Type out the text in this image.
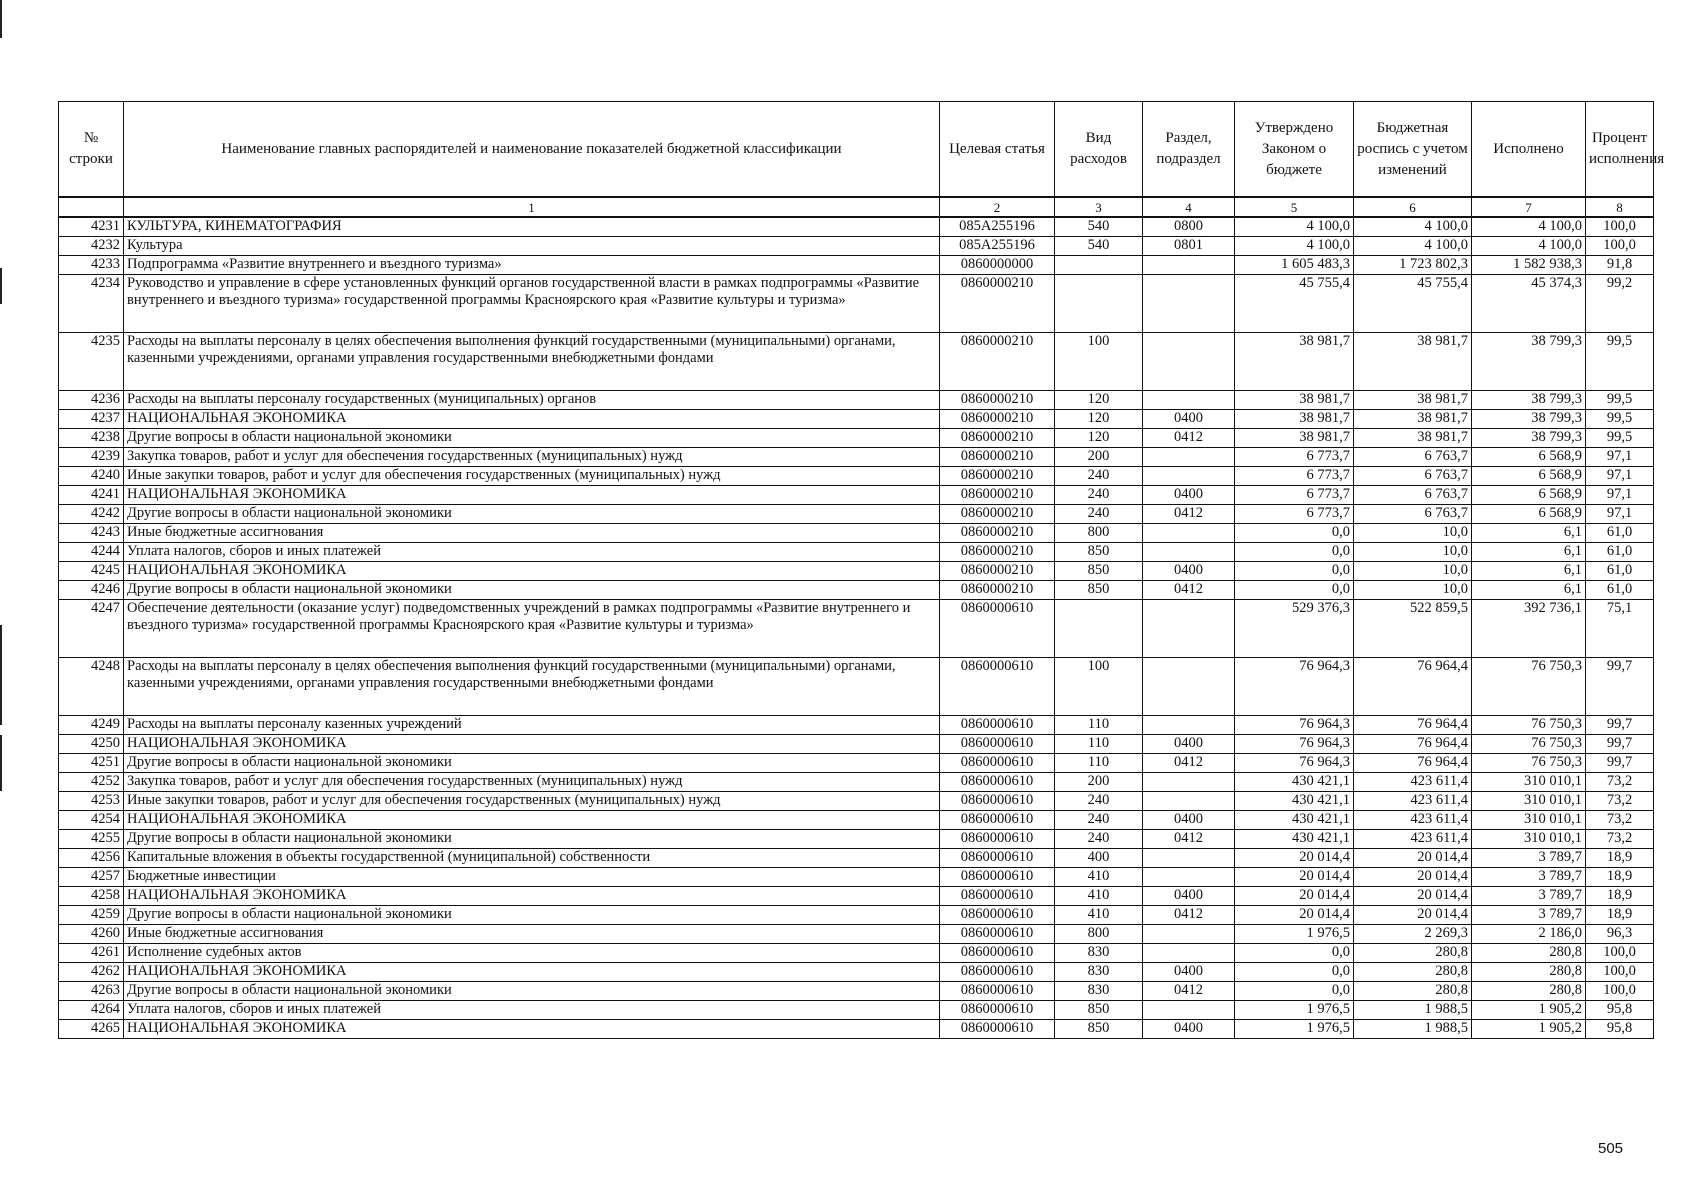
№ строки	Наименование главных распорядителей и наименование показателей бюджетной классификации	Целевая статья	Вид расходов	Раздел, подраздел	Утверждено Законом о бюджете	Бюджетная роспись с учетом изменений	Исполнено	Процент исполнения
	1	2	3	4	5	6	7	8
4231	КУЛЬТУРА, КИНЕМАТОГРАФИЯ	085А255196	540	0800	4 100,0	4 100,0	4 100,0	100,0
4232	Культура	085А255196	540	0801	4 100,0	4 100,0	4 100,0	100,0
4233	Подпрограмма «Развитие внутреннего и въездного туризма»	0860000000			1 605 483,3	1 723 802,3	1 582 938,3	91,8
4234	Руководство и управление в сфере установленных функций органов государственной власти в рамках подпрограммы «Развитие внутреннего и въездного туризма» государственной программы Красноярского края «Развитие культуры и туризма»	0860000210			45 755,4	45 755,4	45 374,3	99,2
4235	Расходы на выплаты персоналу в целях обеспечения выполнения функций государственными (муниципальными) органами, казенными учреждениями, органами управления государственными внебюджетными фондами	0860000210	100		38 981,7	38 981,7	38 799,3	99,5
4236	Расходы на выплаты персоналу государственных (муниципальных) органов	0860000210	120		38 981,7	38 981,7	38 799,3	99,5
4237	НАЦИОНАЛЬНАЯ ЭКОНОМИКА	0860000210	120	0400	38 981,7	38 981,7	38 799,3	99,5
4238	Другие вопросы в области национальной экономики	0860000210	120	0412	38 981,7	38 981,7	38 799,3	99,5
4239	Закупка товаров, работ и услуг для обеспечения государственных (муниципальных) нужд	0860000210	200		6 773,7	6 763,7	6 568,9	97,1
4240	Иные закупки товаров, работ и услуг для обеспечения государственных (муниципальных) нужд	0860000210	240		6 773,7	6 763,7	6 568,9	97,1
4241	НАЦИОНАЛЬНАЯ ЭКОНОМИКА	0860000210	240	0400	6 773,7	6 763,7	6 568,9	97,1
4242	Другие вопросы в области национальной экономики	0860000210	240	0412	6 773,7	6 763,7	6 568,9	97,1
4243	Иные бюджетные ассигнования	0860000210	800		0,0	10,0	6,1	61,0
4244	Уплата налогов, сборов и иных платежей	0860000210	850		0,0	10,0	6,1	61,0
4245	НАЦИОНАЛЬНАЯ ЭКОНОМИКА	0860000210	850	0400	0,0	10,0	6,1	61,0
4246	Другие вопросы в области национальной экономики	0860000210	850	0412	0,0	10,0	6,1	61,0
4247	Обеспечение деятельности (оказание услуг) подведомственных учреждений в рамках подпрограммы «Развитие внутреннего и въездного туризма» государственной программы Красноярского края «Развитие культуры и туризма»	0860000610			529 376,3	522 859,5	392 736,1	75,1
4248	Расходы на выплаты персоналу в целях обеспечения выполнения функций государственными (муниципальными) органами, казенными учреждениями, органами управления государственными внебюджетными фондами	0860000610	100		76 964,3	76 964,4	76 750,3	99,7
4249	Расходы на выплаты персоналу казенных учреждений	0860000610	110		76 964,3	76 964,4	76 750,3	99,7
4250	НАЦИОНАЛЬНАЯ ЭКОНОМИКА	0860000610	110	0400	76 964,3	76 964,4	76 750,3	99,7
4251	Другие вопросы в области национальной экономики	0860000610	110	0412	76 964,3	76 964,4	76 750,3	99,7
4252	Закупка товаров, работ и услуг для обеспечения государственных (муниципальных) нужд	0860000610	200		430 421,1	423 611,4	310 010,1	73,2
4253	Иные закупки товаров, работ и услуг для обеспечения государственных (муниципальных) нужд	0860000610	240		430 421,1	423 611,4	310 010,1	73,2
4254	НАЦИОНАЛЬНАЯ ЭКОНОМИКА	0860000610	240	0400	430 421,1	423 611,4	310 010,1	73,2
4255	Другие вопросы в области национальной экономики	0860000610	240	0412	430 421,1	423 611,4	310 010,1	73,2
4256	Капитальные вложения в объекты государственной (муниципальной) собственности	0860000610	400		20 014,4	20 014,4	3 789,7	18,9
4257	Бюджетные инвестиции	0860000610	410		20 014,4	20 014,4	3 789,7	18,9
4258	НАЦИОНАЛЬНАЯ ЭКОНОМИКА	0860000610	410	0400	20 014,4	20 014,4	3 789,7	18,9
4259	Другие вопросы в области национальной экономики	0860000610	410	0412	20 014,4	20 014,4	3 789,7	18,9
4260	Иные бюджетные ассигнования	0860000610	800		1 976,5	2 269,3	2 186,0	96,3
4261	Исполнение судебных актов	0860000610	830		0,0	280,8	280,8	100,0
4262	НАЦИОНАЛЬНАЯ ЭКОНОМИКА	0860000610	830	0400	0,0	280,8	280,8	100,0
4263	Другие вопросы в области национальной экономики	0860000610	830	0412	0,0	280,8	280,8	100,0
4264	Уплата налогов, сборов и иных платежей	0860000610	850		1 976,5	1 988,5	1 905,2	95,8
4265	НАЦИОНАЛЬНАЯ ЭКОНОМИКА	0860000610	850	0400	1 976,5	1 988,5	1 905,2	95,8
505
